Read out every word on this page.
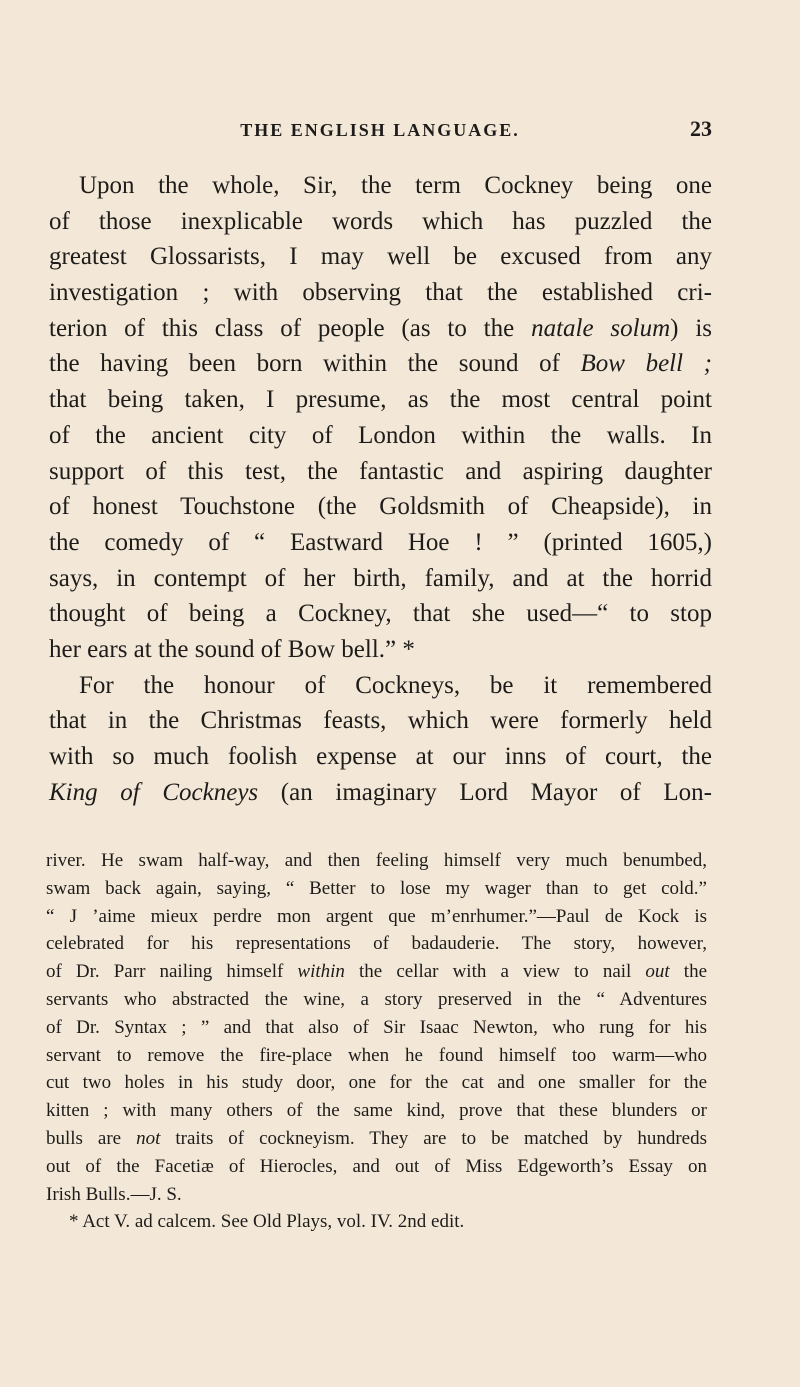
THE ENGLISH LANGUAGE.	23
Upon the whole, Sir, the term Cockney being one
of those inexplicable words which has puzzled the
greatest Glossarists, I may well be excused from any
investigation ; with observing that the established cri-
terion of this class of people (as to the natale solum) is
the having been born within the sound of Bow bell ;
that being taken, I presume, as the most central point
of the ancient city of London within the walls. In
support of this test, the fantastic and aspiring daughter
of honest Touchstone (the Goldsmith of Cheapside), in
the comedy of “ Eastward Hoe ! ” (printed 1605,)
says, in contempt of her birth, family, and at the horrid
thought of being a Cockney, that she used—“ to stop
her ears at the sound of Bow bell.” *
For the honour of Cockneys, be it remembered
that in the Christmas feasts, which were formerly held
with so much foolish expense at our inns of court, the
King of Cockneys (an imaginary Lord Mayor of Lon-
river. He swam half-way, and then feeling himself very much benumbed,
swam back again, saying, “ Better to lose my wager than to get cold.”
“ J ’aime mieux perdre mon argent que m’enrhumer.”—Paul de Kock is
celebrated for his representations of badauderie. The story, however,
of Dr. Parr nailing himself within the cellar with a view to nail out the
servants who abstracted the wine, a story preserved in the “ Adventures
of Dr. Syntax ; ” and that also of Sir Isaac Newton, who rung for his
servant to remove the fire-place when he found himself too warm—who
cut two holes in his study door, one for the cat and one smaller for the
kitten ; with many others of the same kind, prove that these blunders or
bulls are not traits of cockneyism. They are to be matched by hundreds
out of the Facetiæ of Hierocles, and out of Miss Edgeworth’s Essay on
Irish Bulls.—J. S.
* Act V. ad calcem. See Old Plays, vol. IV. 2nd edit.
